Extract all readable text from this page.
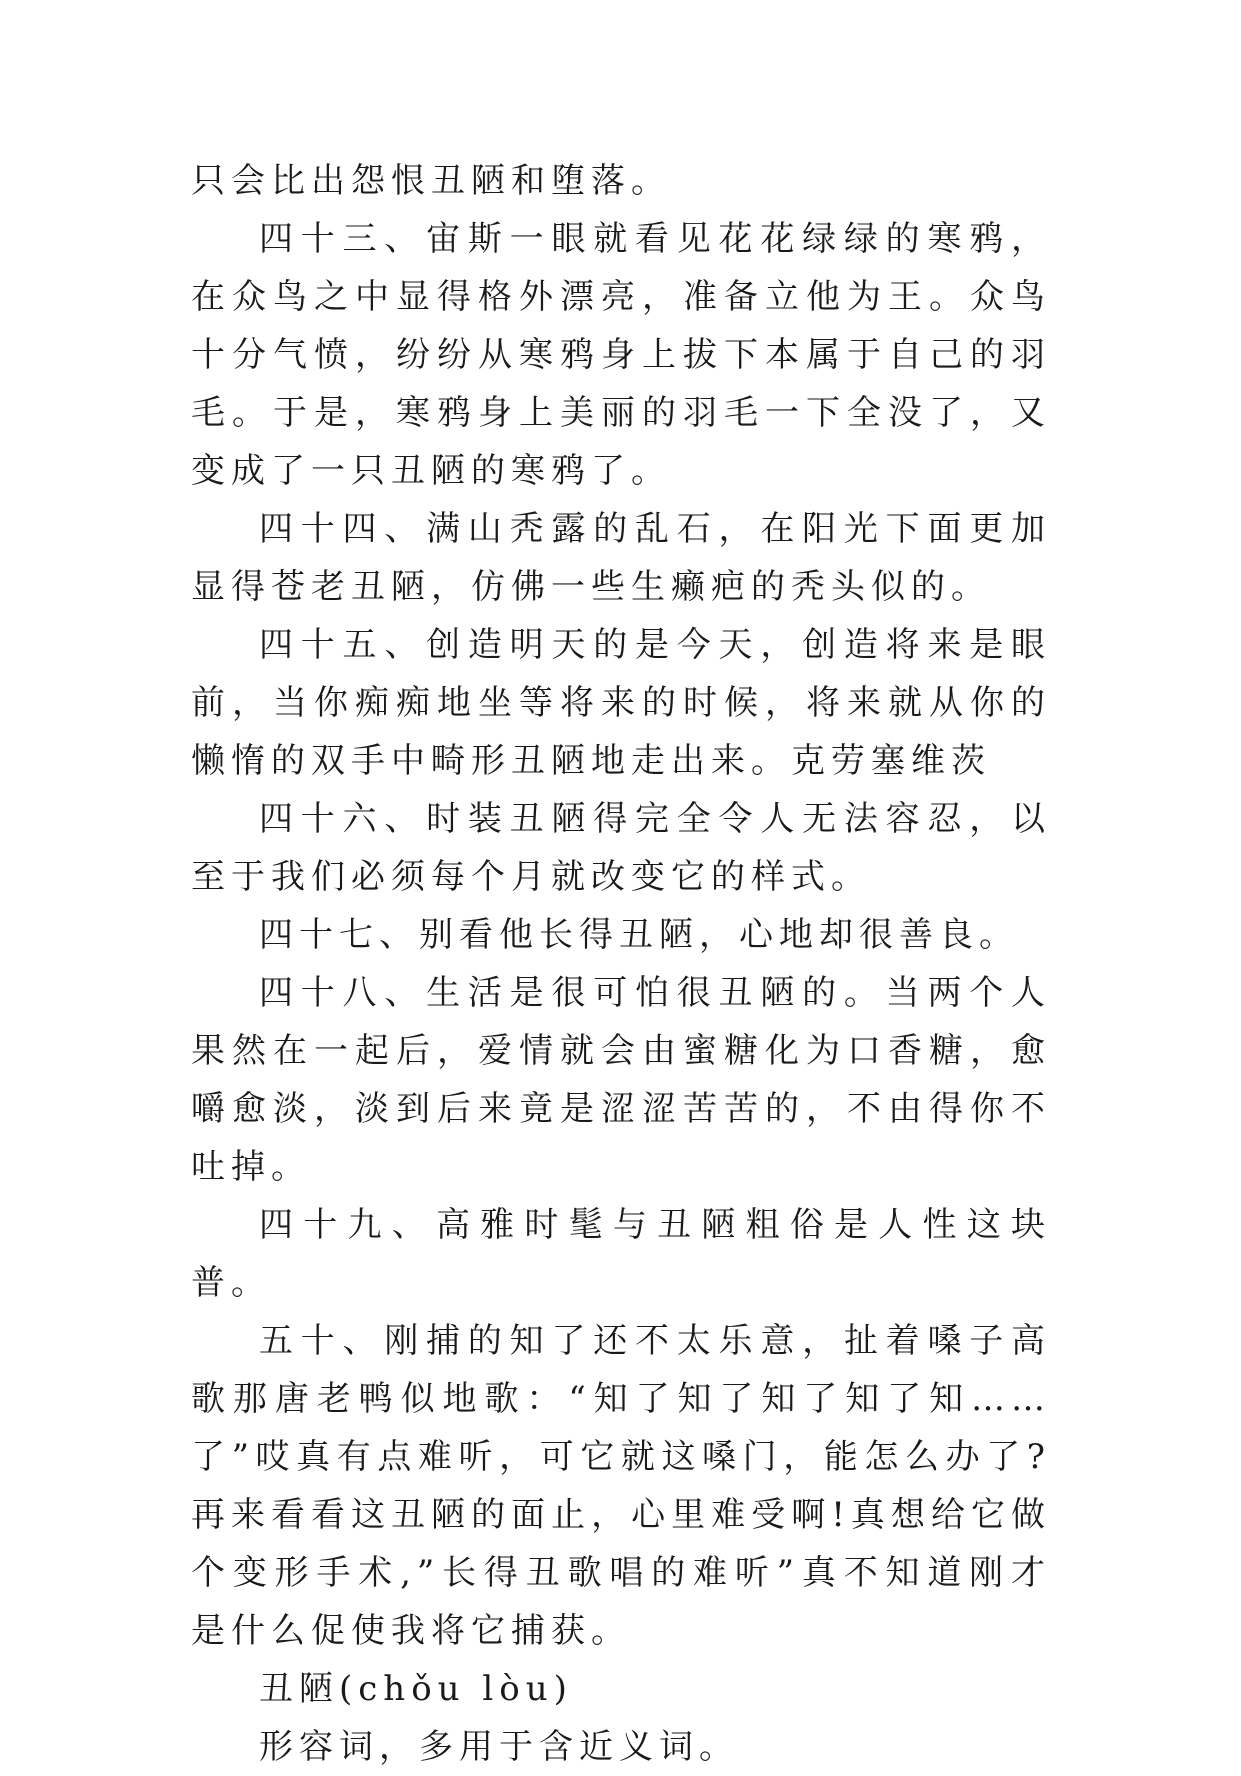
只会比出怨恨丑陋和堕落。

四十三、宙斯一眼就看见花花绿绿的寒鸦，在众鸟之中显得格外漂亮，准备立他为王。众鸟十分气愤，纷纷从寒鸦身上拔下本属于自己的羽毛。于是，寒鸦身上美丽的羽毛一下全没了，又变成了一只丑陋的寒鸦了。

四十四、满山秃露的乱石，在阳光下面更加显得苍老丑陋，仿佛一些生癞疤的秃头似的。

四十五、创造明天的是今天，创造将来是眼前，当你痴痴地坐等将来的时候，将来就从你的懒惰的双手中畸形丑陋地走出来。克劳塞维茨

四十六、时装丑陋得完全令人无法容忍，以至于我们必须每个月就改变它的样式。

四十七、别看他长得丑陋，心地却很善良。

四十八、生活是很可怕很丑陋的。当两个人果然在一起后，爱情就会由蜜糖化为口香糖，愈嚼愈淡，淡到后来竟是涩涩苦苦的，不由得你不吐掉。

四十九、高雅时髦与丑陋粗俗是人性这块普。

五十、刚捕的知了还不太乐意，扯着嗓子高歌那唐老鸭似地歌：“知了知了知了知了知……了”哎真有点难听，可它就这嗓门，能怎么办了?再来看看这丑陋的面止，心里难受啊!真想给它做个变形手术,”长得丑歌唱的难听”真不知道刚才是什么促使我将它捕获。

丑陋(chǒu lòu)

形容词，多用于含近义词。
